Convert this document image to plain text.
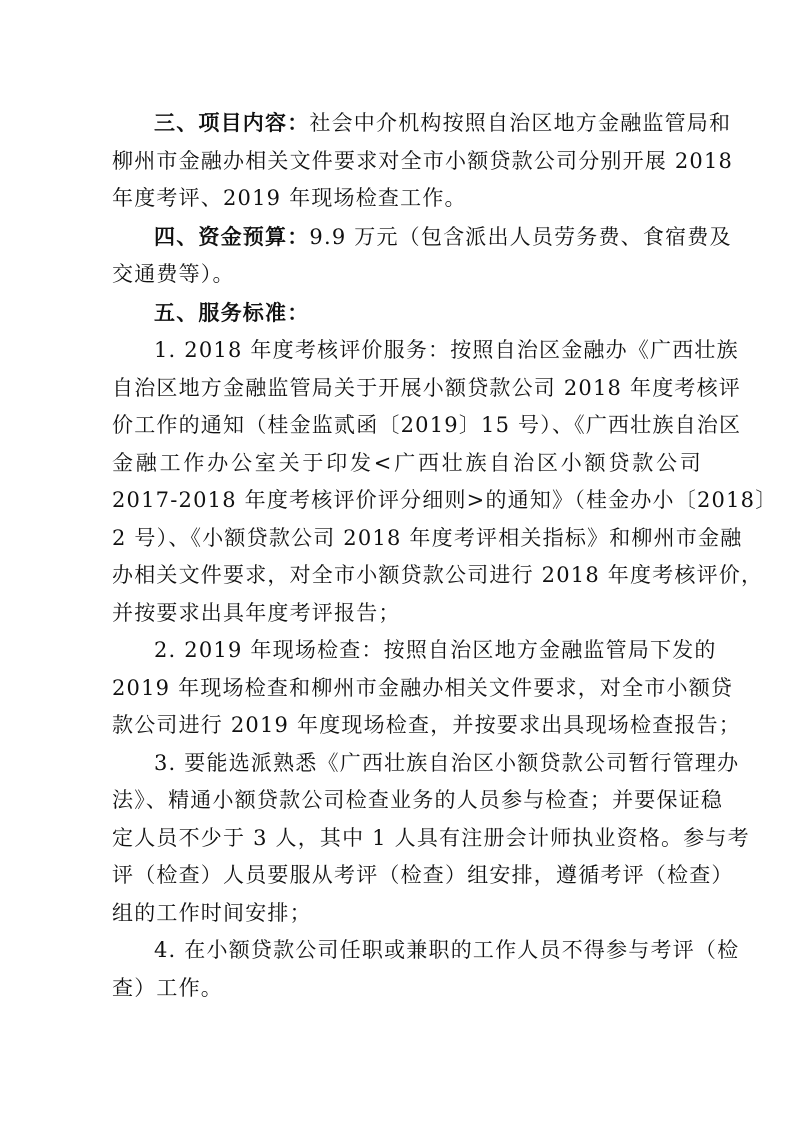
三、项目内容：社会中介机构按照自治区地方金融监管局和
柳州市金融办相关文件要求对全市小额贷款公司分别开展 2018
年度考评、2019 年现场检查工作。
四、资金预算：9.9 万元（包含派出人员劳务费、食宿费及
交通费等）。
五、服务标准：
1. 2018 年度考核评价服务：按照自治区金融办《广西壮族
自治区地方金融监管局关于开展小额贷款公司 2018 年度考核评
价工作的通知（桂金监贰函〔2019〕15 号）、《广西壮族自治区
金融工作办公室关于印发<广西壮族自治区小额贷款公司
2017-2018 年度考核评价评分细则>的通知》（桂金办小〔2018〕
2 号）、《小额贷款公司 2018 年度考评相关指标》和柳州市金融
办相关文件要求，对全市小额贷款公司进行 2018 年度考核评价，
并按要求出具年度考评报告；
2. 2019 年现场检查：按照自治区地方金融监管局下发的
2019 年现场检查和柳州市金融办相关文件要求，对全市小额贷
款公司进行 2019 年度现场检查，并按要求出具现场检查报告；
3. 要能选派熟悉《广西壮族自治区小额贷款公司暂行管理办
法》、精通小额贷款公司检查业务的人员参与检查；并要保证稳
定人员不少于 3 人，其中 1 人具有注册会计师执业资格。参与考
评（检查）人员要服从考评（检查）组安排，遵循考评（检查）
组的工作时间安排；
4. 在小额贷款公司任职或兼职的工作人员不得参与考评（检
查）工作。
